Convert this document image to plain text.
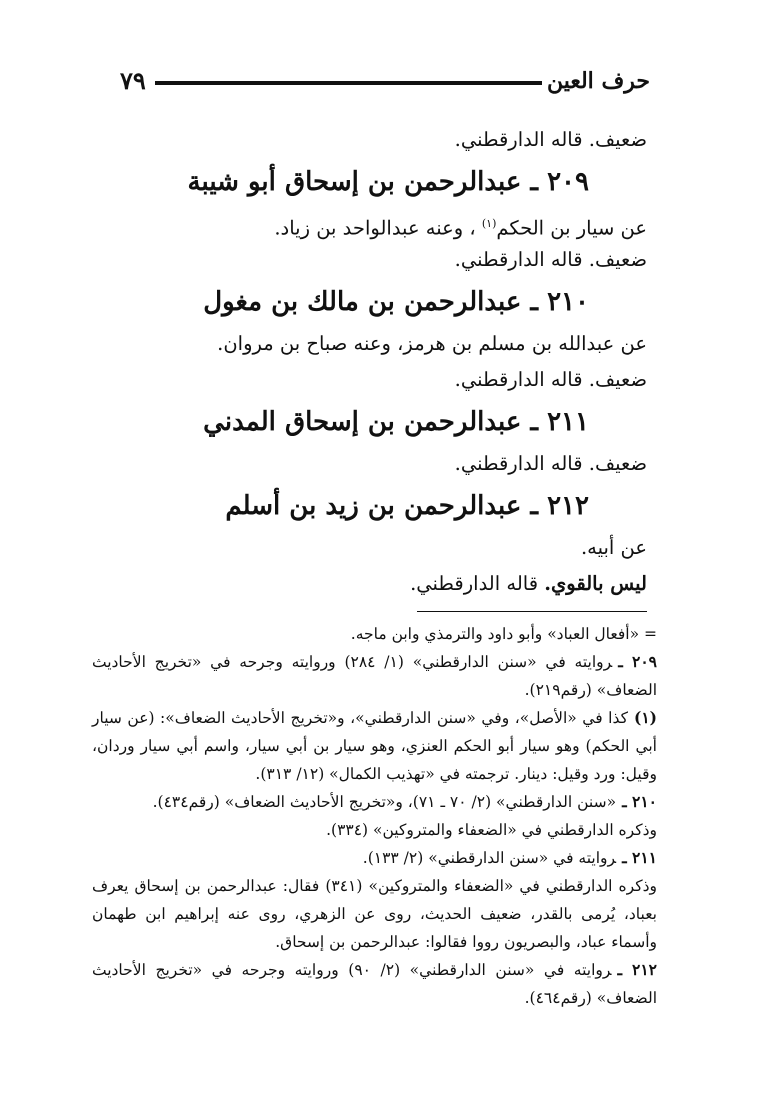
حرف العين
٧٩
ضعيف. قاله الدارقطني.
٢٠٩ ـ عبدالرحمن بن إسحاق أبو شيبة
عن سيار بن الحكم$^{(١)}$ ، وعنه عبدالواحد بن زياد.
ضعيف. قاله الدارقطني.
٢١٠ ـ عبدالرحمن بن مالك بن مغول
عن عبدالله بن مسلم بن هرمز، وعنه صباح بن مروان.
ضعيف. قاله الدارقطني.
٢١١ ـ عبدالرحمن بن إسحاق المدني
ضعيف. قاله الدارقطني.
٢١٢ ـ عبدالرحمن بن زيد بن أسلم
عن أبيه.
ليس بالقوي. قاله الدارقطني.
= «أفعال العباد» وأبو داود والترمذي وابن ماجه.
٢٠٩ ـروايته في «سنن الدارقطني» (١/ ٢٨٤) وروايته وجرحه في «تخريج الأحاديث الضعاف» (رقم٢١٩).
(١)كذا في «الأصل»، وفي «سنن الدارقطني»، و«تخريج الأحاديث الضعاف»: (عن سيار أبي الحكم) وهو سيار أبو الحكم العنزي، وهو سيار بن أبي سيار، واسم أبي سيار وردان، وقيل: ورد وقيل: دينار. ترجمته في «تهذيب الكمال» (١٢/ ٣١٣).
٢١٠ ـ«سنن الدارقطني» (٢/ ٧٠ ـ ٧١)، و«تخريج الأحاديث الضعاف» (رقم٤٣٤).
وذكره الدارقطني في «الضعفاء والمتروكين» (٣٣٤).
٢١١ ـروايته في «سنن الدارقطني» (٢/ ١٣٣).
وذكره الدارقطني في «الضعفاء والمتروكين» (٣٤١) فقال: عبدالرحمن بن إسحاق يعرف بعباد، يُرمى بالقدر، ضعيف الحديث، روى عن الزهري، روى عنه إبراهيم ابن طهمان وأسماء عباد، والبصريون رووا فقالوا: عبدالرحمن بن إسحاق.
٢١٢ ـروايته في «سنن الدارقطني» (٢/ ٩٠) وروايته وجرحه في «تخريج الأحاديث الضعاف» (رقم٤٦٤).
